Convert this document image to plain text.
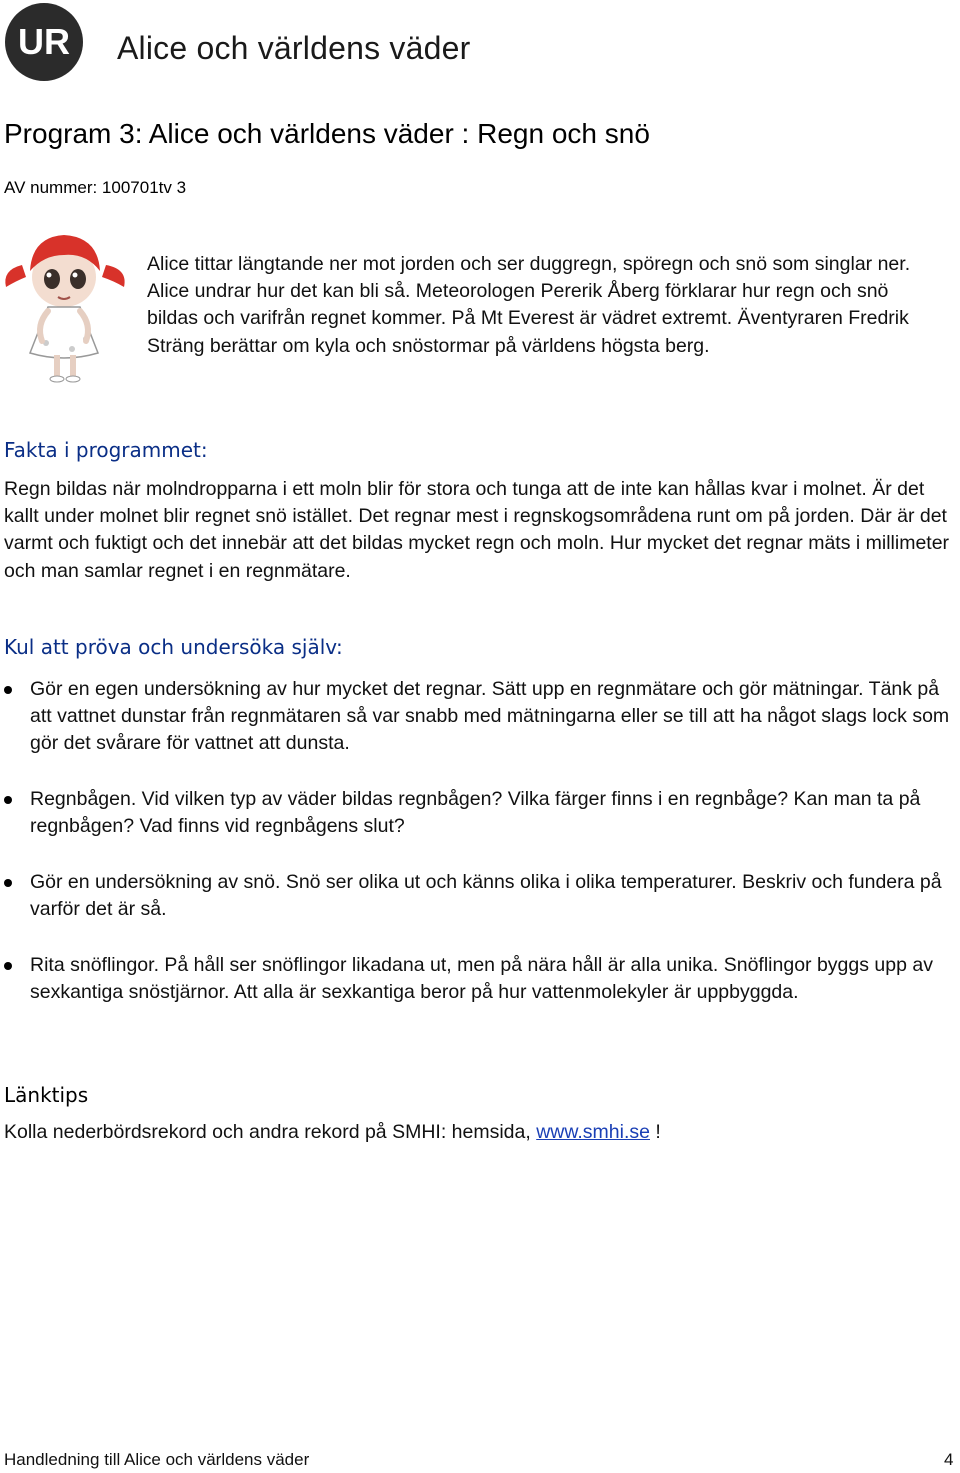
UR Alice och världens väder
Program 3: Alice och världens väder : Regn och snö
AV nummer: 100701tv 3

Alice tittar längtande ner mot jorden och ser duggregn, spöregn och snö som singlar ner. Alice undrar hur det kan bli så. Meteorologen Pererik Åberg förklarar hur regn och snö bildas och varifrån regnet kommer. På Mt Everest är vädret extremt. Äventyraren Fredrik Sträng berättar om kyla och snöstormar på världens högsta berg.

Fakta i programmet:

Regn bildas när molndropparna i ett moln blir för stora och tunga att de inte kan hållas kvar i molnet. Är det kallt under molnet blir regnet snö istället. Det regnar mest i regnskogsområdena runt om på jorden. Där är det varmt och fuktigt och det innebär att det bildas mycket regn och moln. Hur mycket det regnar mäts i millimeter och man samlar regnet i en regnmätare.

Kul att pröva och undersöka själv:

Gör en egen undersökning av hur mycket det regnar. Sätt upp en regnmätare och gör mätningar. Tänk på att vattnet dunstar från regnmätaren så var snabb med mätningarna eller se till att ha något slags lock som gör det svårare för vattnet att dunsta.

Regnbågen. Vid vilken typ av väder bildas regnbågen? Vilka färger finns i en regnbåge? Kan man ta på regnbågen? Vad finns vid regnbågens slut?

Gör en undersökning av snö. Snö ser olika ut och känns olika i olika temperaturer. Beskriv och fundera på varför det är så.

Rita snöflingor. På håll ser snöflingor likadana ut, men på nära håll är alla unika. Snöflingor byggs upp av sexkantiga snöstjärnor. Att alla är sexkantiga beror på hur vattenmolekyler är uppbyggda.

Länktips
Kolla nederbördsrekord och andra rekord på SMHI: hemsida, www.smhi.se !
Handledning till Alice och världens väder	4
